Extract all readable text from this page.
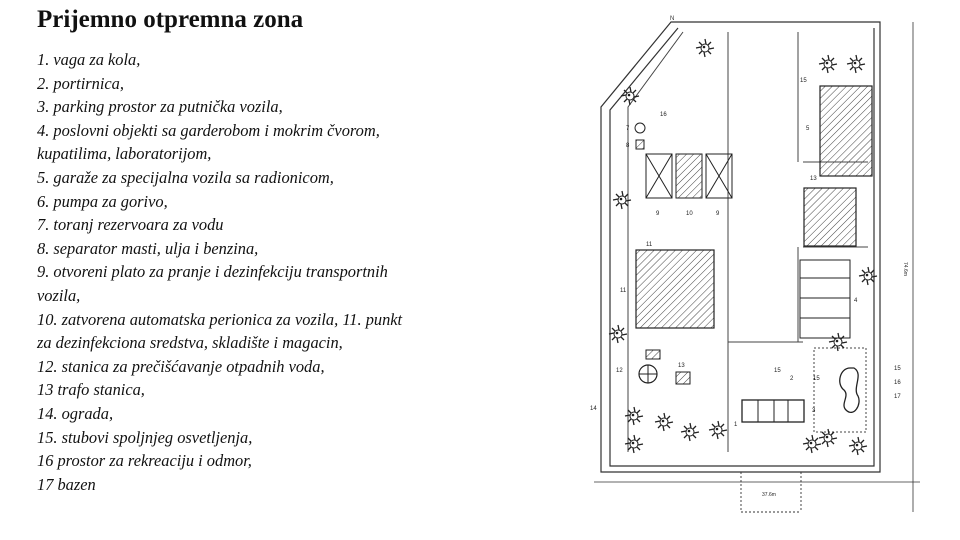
Prijemno otpremna zona
1. vaga za kola,
2. portirnica,
3. parking prostor za putnička vozila,
4. poslovni objekti sa garderobom i mokrim čvorom,
kupatilima, laboratorijom,
5. garaže za specijalna vozila sa radionicom,
6. pumpa za gorivo,
7. toranj rezervoara za vodu
8. separator masti, ulja i benzina,
9. otvoreni plato za pranje i dezinfekciju transportnih
vozila,
10. zatvorena automatska perionica za vozila, 11. punkt
za dezinfekciona sredstva, skladište i magacin,
12. stanica za prečišćavanje otpadnih voda,
13 trafo stanica,
14. ograda,
15. stubovi spoljnjeg osvetljenja,
16 prostor za rekreaciju i odmor,
17 bazen
N
15
5
16
7
8
9	10	9
13
11
11
4
12
13
15
2
14
15
15
17
16
3
1
74.6m
37.6m
